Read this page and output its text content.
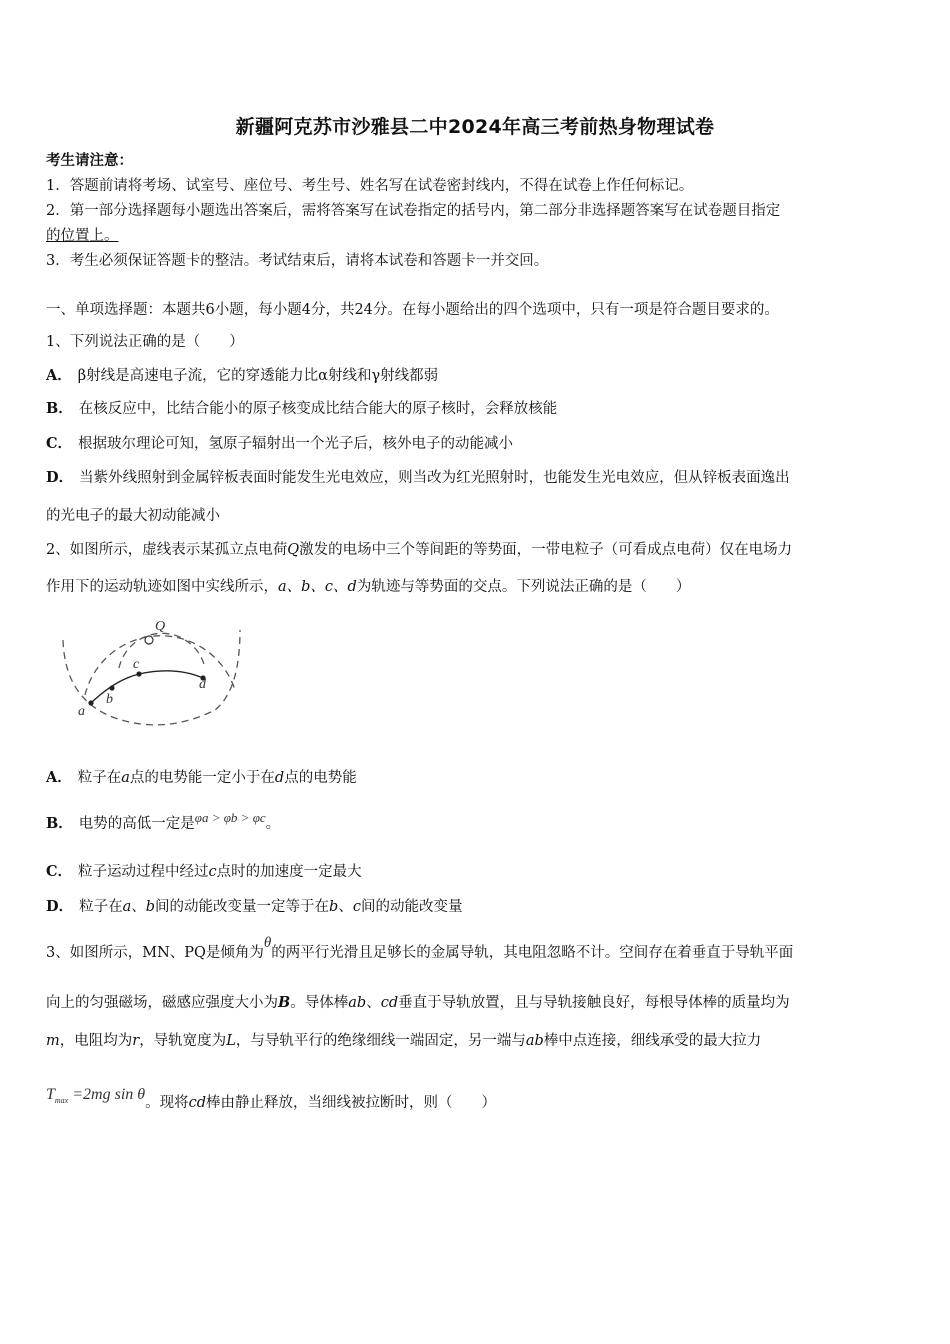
新疆阿克苏市沙雅县二中2024年高三考前热身物理试卷
考生请注意：
1．答题前请将考场、试室号、座位号、考生号、姓名写在试卷密封线内，不得在试卷上作任何标记。
2．第一部分选择题每小题选出答案后，需将答案写在试卷指定的括号内，第二部分非选择题答案写在试卷题目指定
的位置上。
3．考生必须保证答题卡的整洁。考试结束后，请将本试卷和答题卡一并交回。
一、单项选择题：本题共6小题，每小题4分，共24分。在每小题给出的四个选项中，只有一项是符合题目要求的。
1、下列说法正确的是（　　）
A． β射线是高速电子流，它的穿透能力比α射线和γ射线都弱
B． 在核反应中，比结合能小的原子核变成比结合能大的原子核时，会释放核能
C． 根据玻尔理论可知，氢原子辐射出一个光子后，核外电子的动能减小
D． 当紫外线照射到金属锌板表面时能发生光电效应，则当改为红光照射时，也能发生光电效应，但从锌板表面逸出
的光电子的最大初动能减小
2、如图所示，虚线表示某孤立点电荷Q激发的电场中三个等间距的等势面，一带电粒子（可看成点电荷）仅在电场力
作用下的运动轨迹如图中实线所示，a、b、c、d为轨迹与等势面的交点。下列说法正确的是（　　）
Q
a
b
c
d
A． 粒子在a点的电势能一定小于在d点的电势能
B． 电势的高低一定是φa > φb > φc。
C． 粒子运动过程中经过c点时的加速度一定最大
D． 粒子在a、b间的动能改变量一定等于在b、c间的动能改变量
3、如图所示，MN、PQ是倾角为θ的两平行光滑且足够长的金属导轨，其电阻忽略不计。空间存在着垂直于导轨平面
向上的匀强磁场，磁感应强度大小为B。导体棒ab、cd垂直于导轨放置，且与导轨接触良好，每根导体棒的质量均为
m，电阻均为r，导轨宽度为L，与导轨平行的绝缘细线一端固定，另一端与ab棒中点连接，细线承受的最大拉力
$T_{max} =2mg$ sin θ。现将cd棒由静止释放，当细线被拉断时，则（　　）
